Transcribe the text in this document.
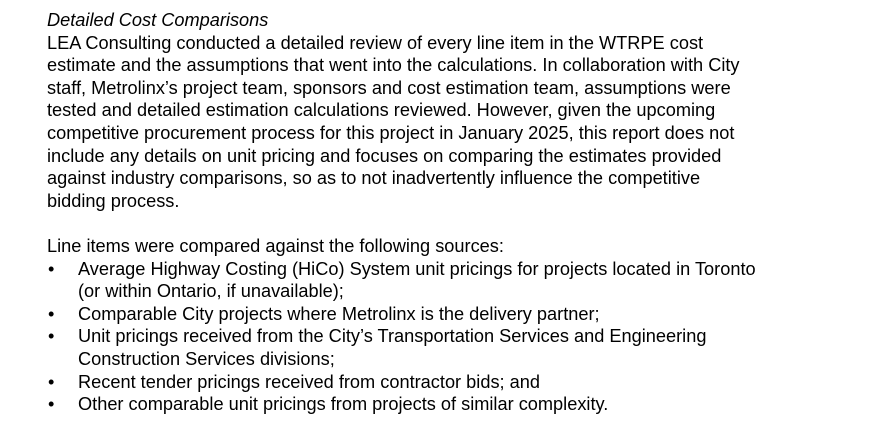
Detailed Cost Comparisons
LEA Consulting conducted a detailed review of every line item in the WTRPE cost
estimate and the assumptions that went into the calculations. In collaboration with City
staff, Metrolinx’s project team, sponsors and cost estimation team, assumptions were
tested and detailed estimation calculations reviewed. However, given the upcoming
competitive procurement process for this project in January 2025, this report does not
include any details on unit pricing and focuses on comparing the estimates provided
against industry comparisons, so as to not inadvertently influence the competitive
bidding process.
Line items were compared against the following sources:
• Average Highway Costing (HiCo) System unit pricings for projects located in Toronto
(or within Ontario, if unavailable);
• Comparable City projects where Metrolinx is the delivery partner;
• Unit pricings received from the City’s Transportation Services and Engineering
Construction Services divisions;
• Recent tender pricings received from contractor bids; and
• Other comparable unit pricings from projects of similar complexity.
